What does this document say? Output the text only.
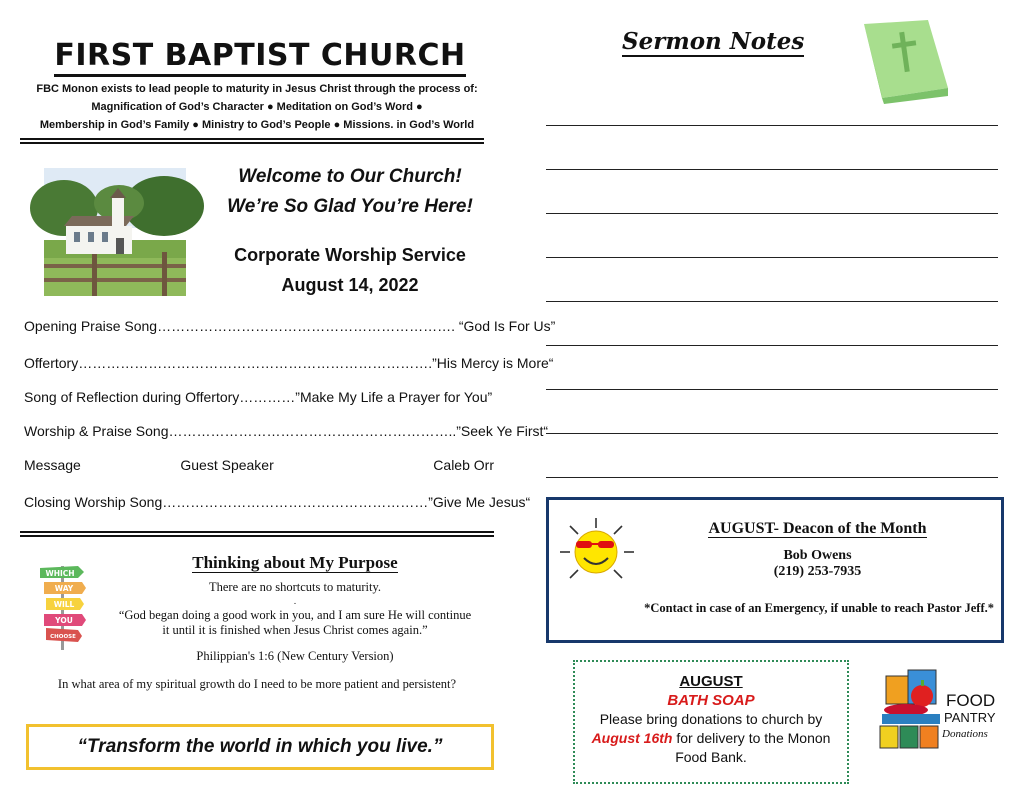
FIRST BAPTIST CHURCH
FBC Monon exists to lead people to maturity in Jesus Christ through the process of:
Magnification of God’s Character ● Meditation on God’s Word ●
Membership in God’s Family ● Ministry to God’s People ● Missions. in God’s World
Welcome to Our Church!
We’re So Glad You’re Here!
Corporate Worship Service
August 14, 2022
Opening Praise Song………………………………………………………. “God Is For Us”
Offertory………………………………………………………………….”His Mercy is More“
Song of Reflection during Offertory…………”Make My Life a Prayer for You”
Worship & Praise Song……………………………………………………..”Seek Ye First“
Message	Guest Speaker	Caleb Orr
Closing Worship Song…………………………………………………”Give Me Jesus“
WHICH
WAY
WILL
YOU
CHOOSE
Thinking about My Purpose
There are no shortcuts to maturity.
.
“God began doing a good work in you, and I am sure He will continue
it until it is finished when Jesus Christ comes again.”
Philippian's 1:6 (New Century Version)
In what area of my spiritual growth do I need to be more patient and persistent?
“Transform the world in which you live.”
Sermon Notes
AUGUST- Deacon of the Month
Bob Owens
(219) 253-7935
*Contact in case of an Emergency, if unable to reach Pastor Jeff.*
AUGUST
BATH SOAP
Please bring donations to church by
August 16th for delivery to the Monon
Food Bank.
FOOD
PANTRY
Donations
